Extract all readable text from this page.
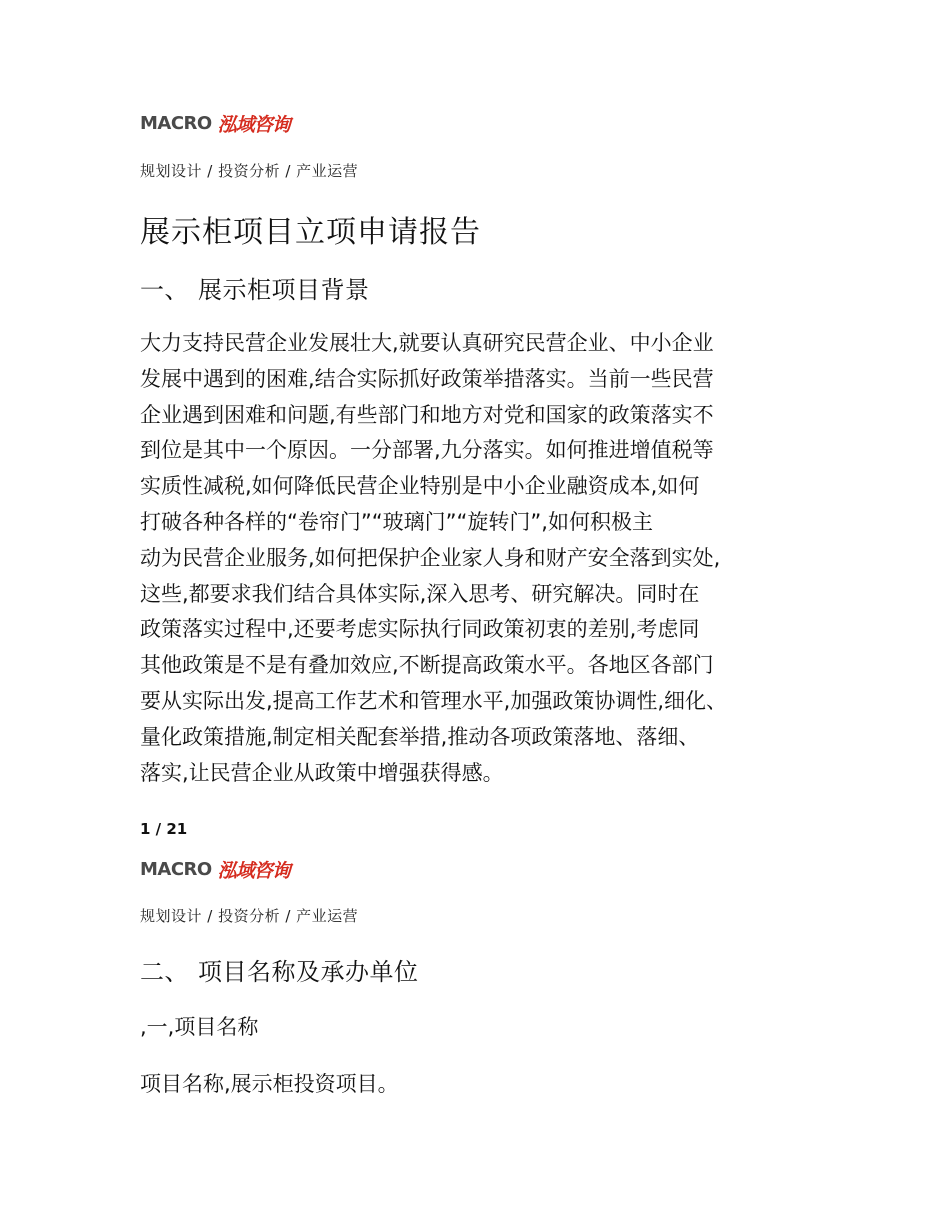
MACRO 泓域咨询
规划设计 / 投资分析 / 产业运营
展示柜项目立项申请报告
一、 展示柜项目背景
大力支持民营企业发展壮大,就要认真研究民营企业、中小企业
发展中遇到的困难,结合实际抓好政策举措落实。当前一些民营
企业遇到困难和问题,有些部门和地方对党和国家的政策落实不
到位是其中一个原因。一分部署,九分落实。如何推进增值税等
实质性减税,如何降低民营企业特别是中小企业融资成本,如何
打破各种各样的“卷帘门”“玻璃门”“旋转门”,如何积极主
动为民营企业服务,如何把保护企业家人身和财产安全落到实处,
这些,都要求我们结合具体实际,深入思考、研究解决。同时在
政策落实过程中,还要考虑实际执行同政策初衷的差别,考虑同
其他政策是不是有叠加效应,不断提高政策水平。各地区各部门
要从实际出发,提高工作艺术和管理水平,加强政策协调性,细化、
量化政策措施,制定相关配套举措,推动各项政策落地、落细、
落实,让民营企业从政策中增强获得感。
1 / 21
MACRO 泓域咨询
规划设计 / 投资分析 / 产业运营
二、 项目名称及承办单位
,一,项目名称
项目名称,展示柜投资项目。
